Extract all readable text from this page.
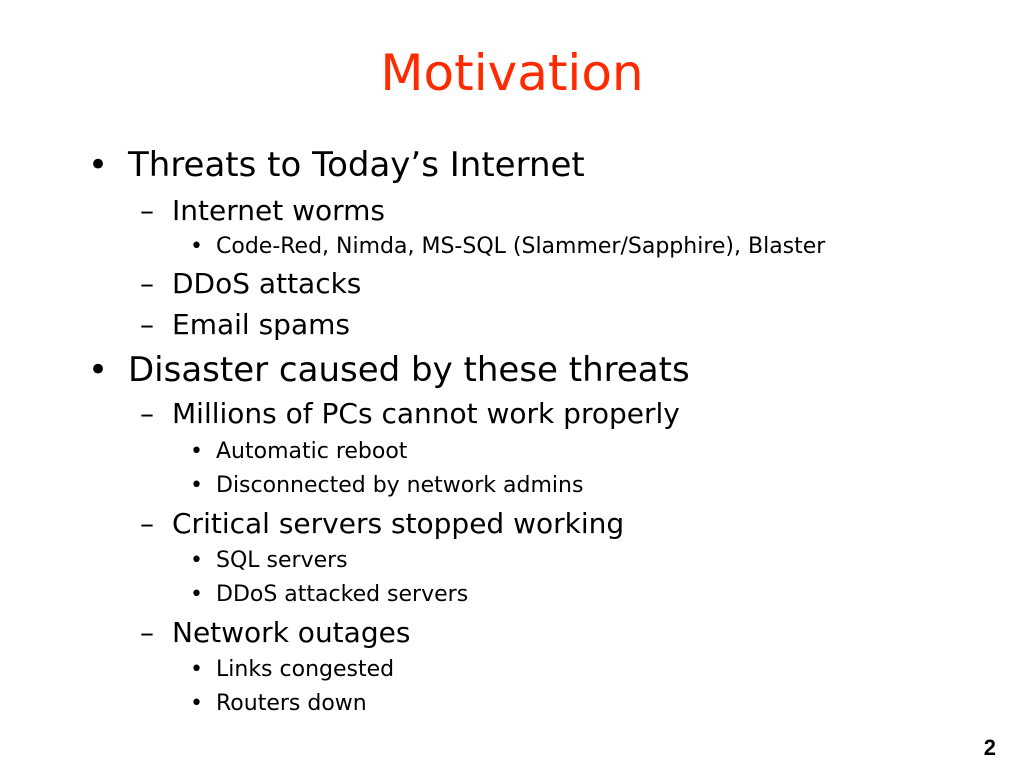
Motivation
• Threats to Today’s Internet
– Internet worms
• Code-Red, Nimda, MS-SQL (Slammer/Sapphire), Blaster
– DDoS attacks
– Email spams
• Disaster caused by these threats
– Millions of PCs cannot work properly
• Automatic reboot
• Disconnected by network admins
– Critical servers stopped working
• SQL servers
• DDoS attacked servers
– Network outages
• Links congested
• Routers down
2
